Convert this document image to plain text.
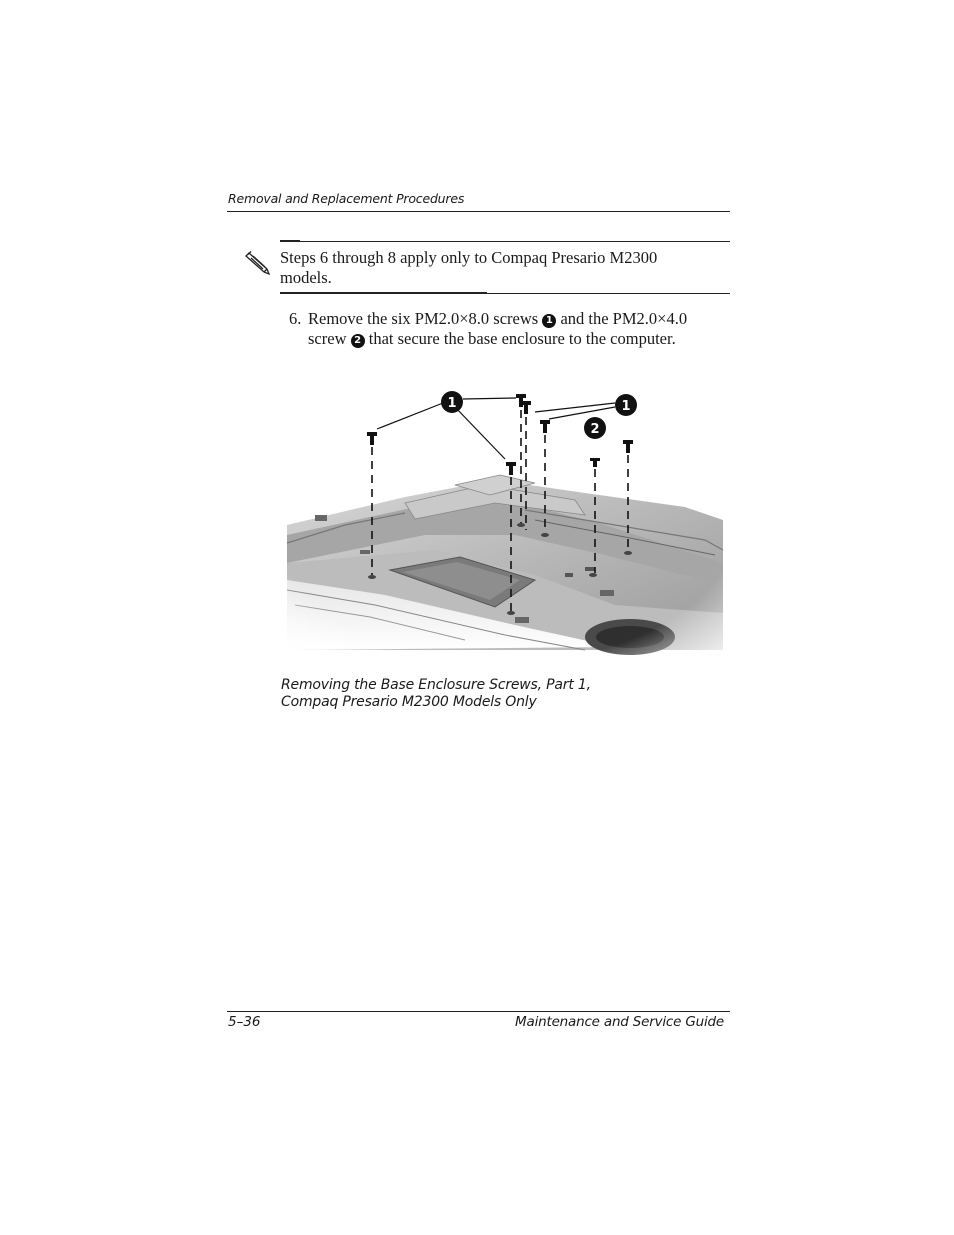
Removal and Replacement Procedures
Steps 6 through 8 apply only to Compaq Presario M2300
models.
6. Remove the six PM2.0×8.0 screws 1 and the PM2.0×4.0
screw 2 that secure the base enclosure to the computer.
1	1
2
Removing the Base Enclosure Screws, Part 1,
Compaq Presario M2300 Models Only
5–36	Maintenance and Service Guide
